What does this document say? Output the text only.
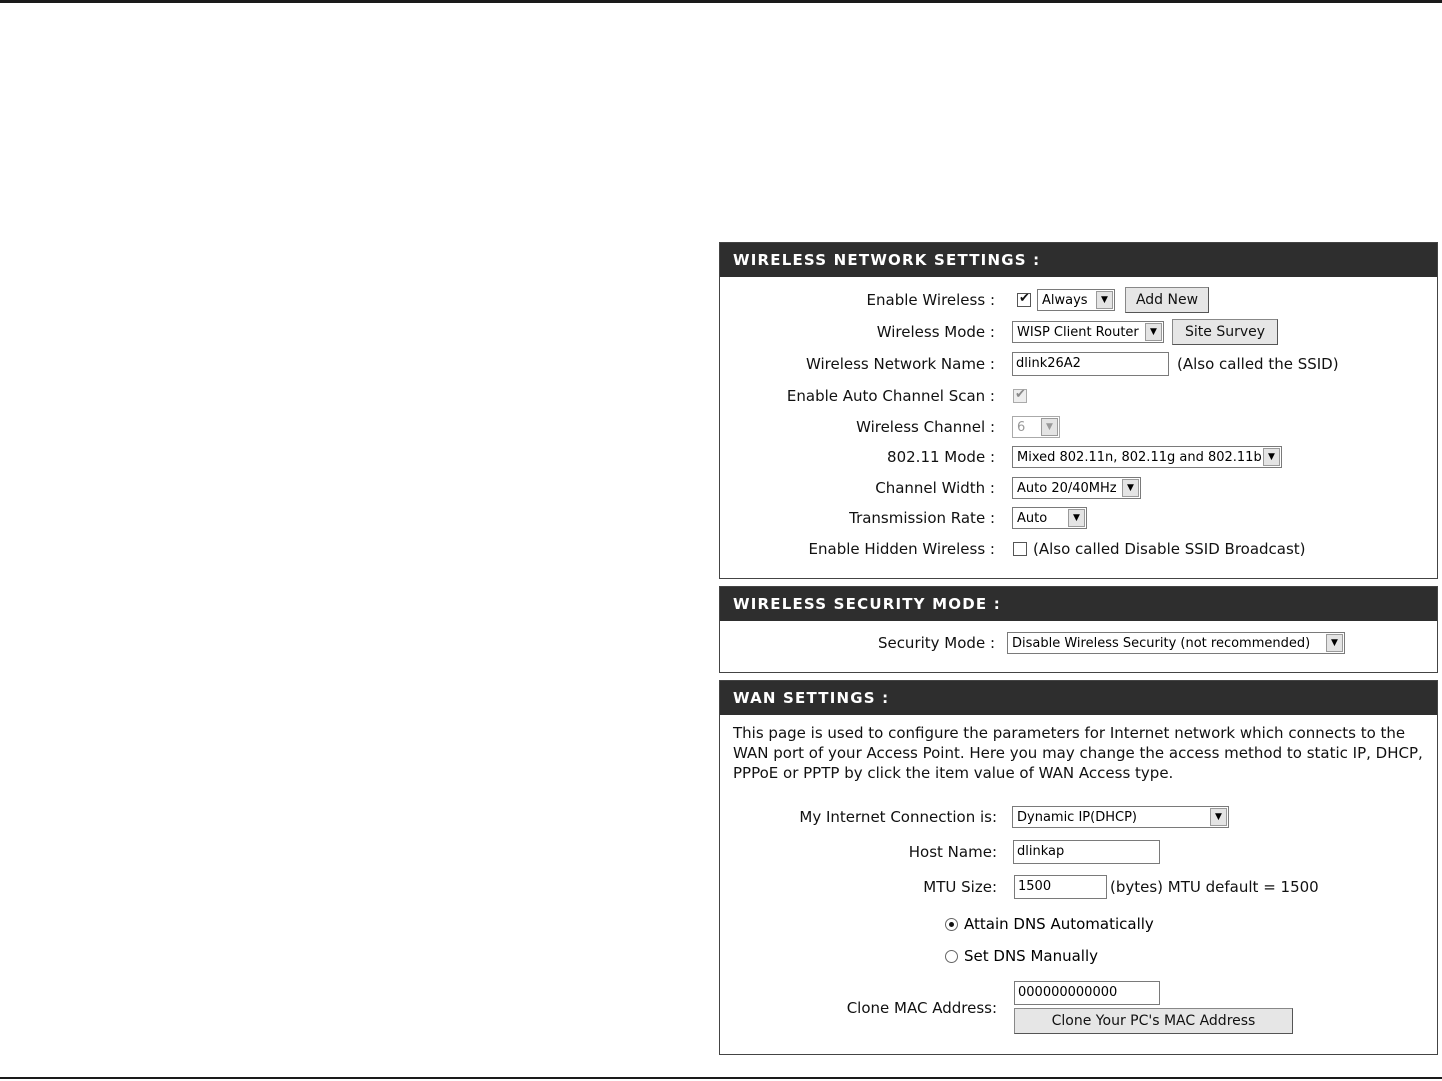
WIRELESS NETWORK SETTINGS :
Enable Wireless :
✔	Always	▼	Add New
Wireless Mode :	WISP Client Router	▼	Site Survey
Wireless Network Name :	dlink26A2	(Also called the SSID)
Enable Auto Channel Scan :
✔
Wireless Channel :	6	▼
802.11 Mode :	Mixed 802.11n, 802.11g and 802.11b ▼
Channel Width :	Auto 20/40MHz	▼
Transmission Rate :	Auto	▼
Enable Hidden Wireless :	(Also called Disable SSID Broadcast)
WIRELESS SECURITY MODE :
Security Mode :	Disable Wireless Security (not recommended)	▼
WAN SETTINGS :
This page is used to configure the parameters for Internet network which connects to the WAN port of your Access Point. Here you may change the access method to static IP, DHCP, PPPoE or PPTP by click the item value of WAN Access type.
My Internet Connection is:	Dynamic IP(DHCP)	▼
Host Name:	dlinkap
MTU Size:	1500	(bytes) MTU default = 1500
Attain DNS Automatically
Set DNS Manually
Clone MAC Address:
000000000000
Clone Your PC's MAC Address
